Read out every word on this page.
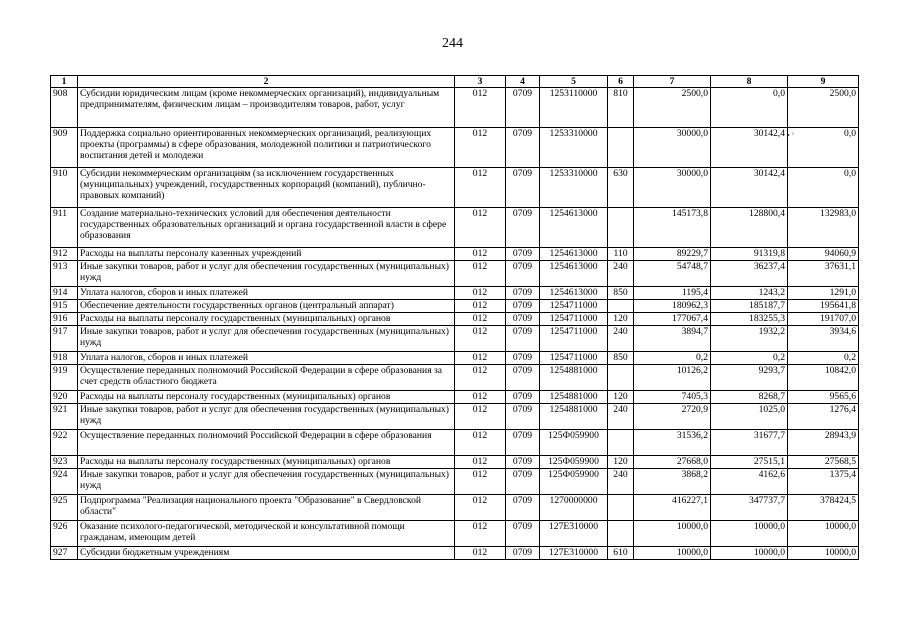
244
• ‘
1	2	3	4	5	6	7	8	9
908	Субсидии юридическим лицам (кроме некоммерческих организаций), индивидуальным предпринимателям, физическим лицам – производителям товаров, работ, услуг	012	0709	1253110000	810	2500,0	0,0	2500,0
909	Поддержка социально ориентированных некоммерческих организаций, реализующих проекты (программы) в сфере образования, молодежной политики и патриотического воспитания детей и молодежи	012	0709	1253310000		30000,0	30142,4	0,0
910	Субсидии некоммерческим организациям (за исключением государственных (муниципальных) учреждений, государственных корпораций (компаний), публично-правовых компаний)	012	0709	1253310000	630	30000,0	30142,4	0,0
911	Создание материально-технических условий для обеспечения деятельности государственных образовательных организаций и органа государственной власти в сфере образования	012	0709	1254613000		145173,8	128800,4	132983,0
912	Расходы на выплаты персоналу казенных учреждений	012	0709	1254613000	110	89229,7	91319,8	94060,9
913	Иные закупки товаров, работ и услуг для обеспечения государственных (муниципальных) нужд	012	0709	1254613000	240	54748,7	36237,4	37631,1
914	Уплата налогов, сборов и иных платежей	012	0709	1254613000	850	1195,4	1243,2	1291,0
915	Обеспечение деятельности государственных органов (центральный аппарат)	012	0709	1254711000		180962,3	185187,7	195641,8
916	Расходы на выплаты персоналу государственных (муниципальных) органов	012	0709	1254711000	120	177067,4	183255,3	191707,0
917	Иные закупки товаров, работ и услуг для обеспечения государственных (муниципальных) нужд	012	0709	1254711000	240	3894,7	1932,2	3934,6
918	Уплата налогов, сборов и иных платежей	012	0709	1254711000	850	0,2	0,2	0,2
919	Осуществление переданных полномочий Российской Федерации в сфере образования за счет средств областного бюджета	012	0709	1254881000		10126,2	9293,7	10842,0
920	Расходы на выплаты персоналу государственных (муниципальных) органов	012	0709	1254881000	120	7405,3	8268,7	9565,6
921	Иные закупки товаров, работ и услуг для обеспечения государственных (муниципальных) нужд	012	0709	1254881000	240	2720,9	1025,0	1276,4
922	Осуществление переданных полномочий Российской Федерации в сфере образования	012	0709	125Ф059900		31536,2	31677,7	28943,9
923	Расходы на выплаты персоналу государственных (муниципальных) органов	012	0709	125Ф059900	120	27668,0	27515,1	27568,5
924	Иные закупки товаров, работ и услуг для обеспечения государственных (муниципальных) нужд	012	0709	125Ф059900	240	3868,2	4162,6	1375,4
925	Подпрограмма "Реализация национального проекта "Образование" в Свердловской области"	012	0709	1270000000		416227,1	347737,7	378424,5
926	Оказание психолого-педагогической, методической и консультативной помощи гражданам, имеющим детей	012	0709	127E310000		10000,0	10000,0	10000,0
927	Субсидии бюджетным учреждениям	012	0709	127E310000	610	10000,0	10000,0	10000,0
